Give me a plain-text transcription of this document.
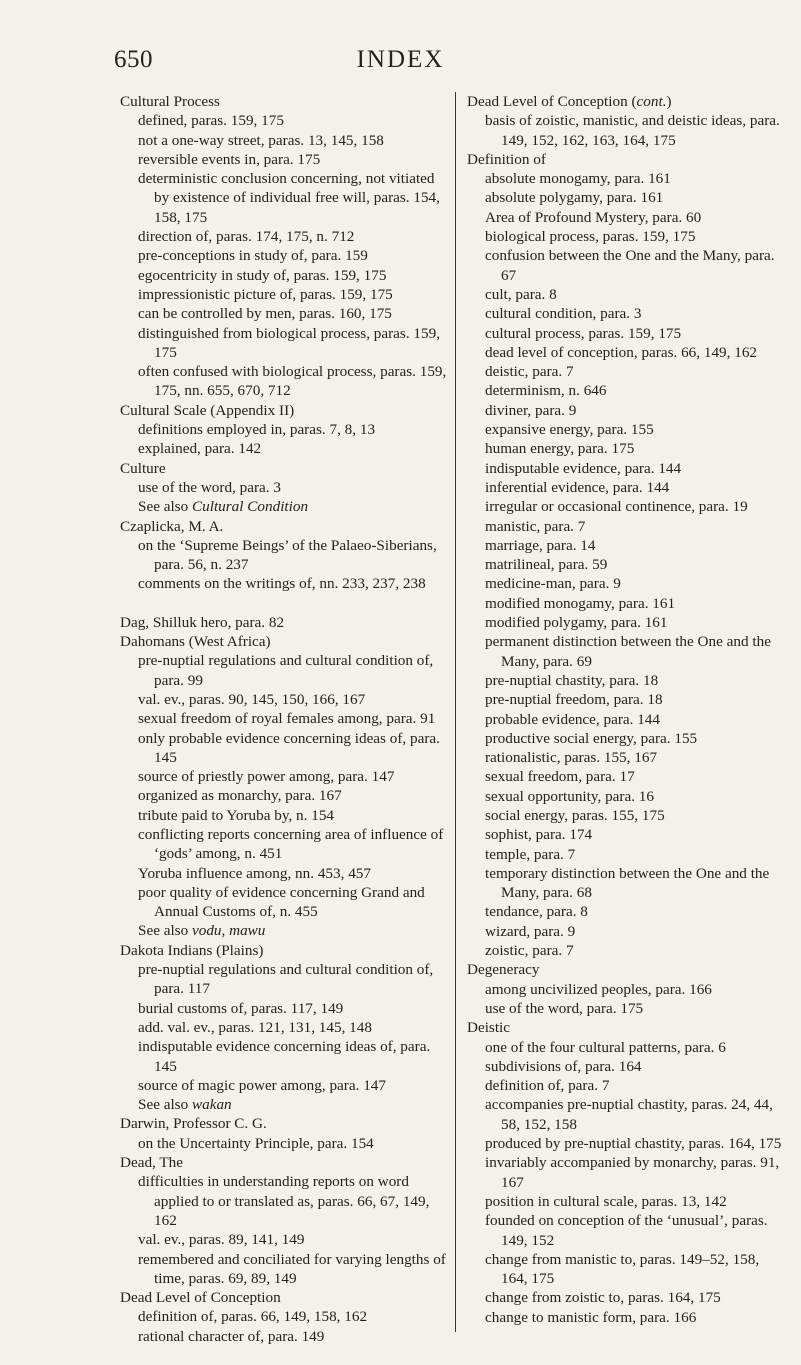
650	INDEX
Cultural Process
defined, paras. 159, 175
not a one-way street, paras. 13, 145, 158
reversible events in, para. 175
deterministic conclusion concerning, not vitiated by existence of individual free will, paras. 154, 158, 175
direction of, paras. 174, 175, n. 712
pre-conceptions in study of, para. 159
egocentricity in study of, paras. 159, 175
impressionistic picture of, paras. 159, 175
can be controlled by men, paras. 160, 175
distinguished from biological process, paras. 159, 175
often confused with biological process, paras. 159, 175, nn. 655, 670, 712
Cultural Scale (Appendix II)
definitions employed in, paras. 7, 8, 13
explained, para. 142
Culture
use of the word, para. 3
See also Cultural Condition
Czaplicka, M. A.
on the ‘Supreme Beings’ of the Palaeo-Siberians, para. 56, n. 237
comments on the writings of, nn. 233, 237, 238
Dag, Shilluk hero, para. 82
Dahomans (West Africa)
pre-nuptial regulations and cultural condition of, para. 99
val. ev., paras. 90, 145, 150, 166, 167
sexual freedom of royal females among, para. 91
only probable evidence concerning ideas of, para. 145
source of priestly power among, para. 147
organized as monarchy, para. 167
tribute paid to Yoruba by, n. 154
conflicting reports concerning area of influence of ‘gods’ among, n. 451
Yoruba influence among, nn. 453, 457
poor quality of evidence concerning Grand and Annual Customs of, n. 455
See also vodu, mawu
Dakota Indians (Plains)
pre-nuptial regulations and cultural condition of, para. 117
burial customs of, paras. 117, 149
add. val. ev., paras. 121, 131, 145, 148
indisputable evidence concerning ideas of, para. 145
source of magic power among, para. 147
See also wakan
Darwin, Professor C. G.
on the Uncertainty Principle, para. 154
Dead, The
difficulties in understanding reports on word applied to or translated as, paras. 66, 67, 149, 162
val. ev., paras. 89, 141, 149
remembered and conciliated for varying lengths of time, paras. 69, 89, 149
Dead Level of Conception
definition of, paras. 66, 149, 158, 162
rational character of, para. 149
Dead Level of Conception (cont.)
basis of zoistic, manistic, and deistic ideas, para. 149, 152, 162, 163, 164, 175
Definition of
absolute monogamy, para. 161
absolute polygamy, para. 161
Area of Profound Mystery, para. 60
biological process, paras. 159, 175
confusion between the One and the Many, para. 67
cult, para. 8
cultural condition, para. 3
cultural process, paras. 159, 175
dead level of conception, paras. 66, 149, 162
deistic, para. 7
determinism, n. 646
diviner, para. 9
expansive energy, para. 155
human energy, para. 175
indisputable evidence, para. 144
inferential evidence, para. 144
irregular or occasional continence, para. 19
manistic, para. 7
marriage, para. 14
matrilineal, para. 59
medicine-man, para. 9
modified monogamy, para. 161
modified polygamy, para. 161
permanent distinction between the One and the Many, para. 69
pre-nuptial chastity, para. 18
pre-nuptial freedom, para. 18
probable evidence, para. 144
productive social energy, para. 155
rationalistic, paras. 155, 167
sexual freedom, para. 17
sexual opportunity, para. 16
social energy, paras. 155, 175
sophist, para. 174
temple, para. 7
temporary distinction between the One and the Many, para. 68
tendance, para. 8
wizard, para. 9
zoistic, para. 7
Degeneracy
among uncivilized peoples, para. 166
use of the word, para. 175
Deistic
one of the four cultural patterns, para. 6
subdivisions of, para. 164
definition of, para. 7
accompanies pre-nuptial chastity, paras. 24, 44, 58, 152, 158
produced by pre-nuptial chastity, paras. 164, 175
invariably accompanied by monarchy, paras. 91, 167
position in cultural scale, paras. 13, 142
founded on conception of the ‘unusual’, paras. 149, 152
change from manistic to, paras. 149–52, 158, 164, 175
change from zoistic to, paras. 164, 175
change to manistic form, para. 166
